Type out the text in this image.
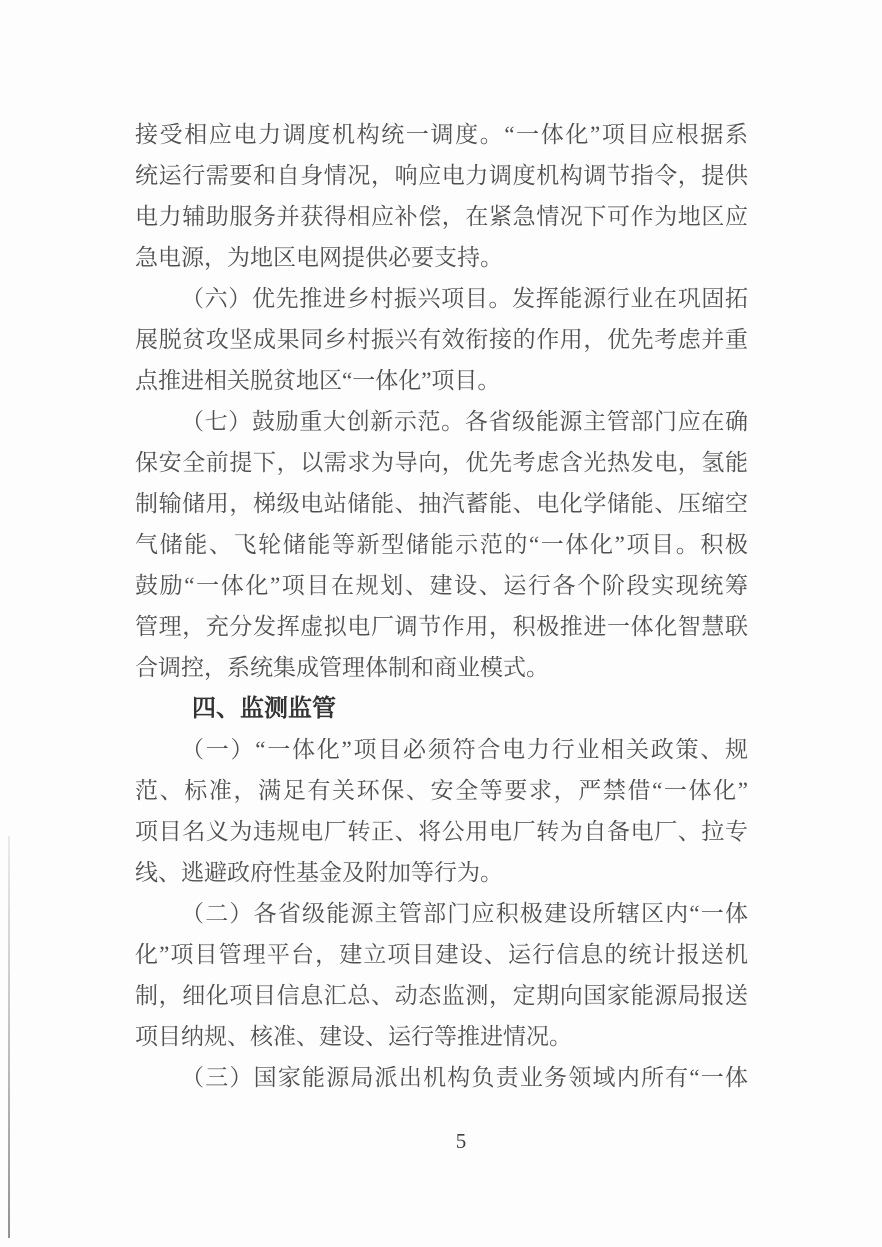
接受相应电力调度机构统一调度。“一体化”项目应根据系
统运行需要和自身情况，响应电力调度机构调节指令，提供
电力辅助服务并获得相应补偿，在紧急情况下可作为地区应
急电源，为地区电网提供必要支持。
（六）优先推进乡村振兴项目。发挥能源行业在巩固拓
展脱贫攻坚成果同乡村振兴有效衔接的作用，优先考虑并重
点推进相关脱贫地区“一体化”项目。
（七）鼓励重大创新示范。各省级能源主管部门应在确
保安全前提下，以需求为导向，优先考虑含光热发电，氢能
制输储用，梯级电站储能、抽汽蓄能、电化学储能、压缩空
气储能、飞轮储能等新型储能示范的“一体化”项目。积极
鼓励“一体化”项目在规划、建设、运行各个阶段实现统筹
管理，充分发挥虚拟电厂调节作用，积极推进一体化智慧联
合调控，系统集成管理体制和商业模式。
四、监测监管
（一）“一体化”项目必须符合电力行业相关政策、规
范、标准，满足有关环保、安全等要求，严禁借“一体化”
项目名义为违规电厂转正、将公用电厂转为自备电厂、拉专
线、逃避政府性基金及附加等行为。
（二）各省级能源主管部门应积极建设所辖区内“一体
化”项目管理平台，建立项目建设、运行信息的统计报送机
制，细化项目信息汇总、动态监测，定期向国家能源局报送
项目纳规、核准、建设、运行等推进情况。
（三）国家能源局派出机构负责业务领域内所有“一体
5
